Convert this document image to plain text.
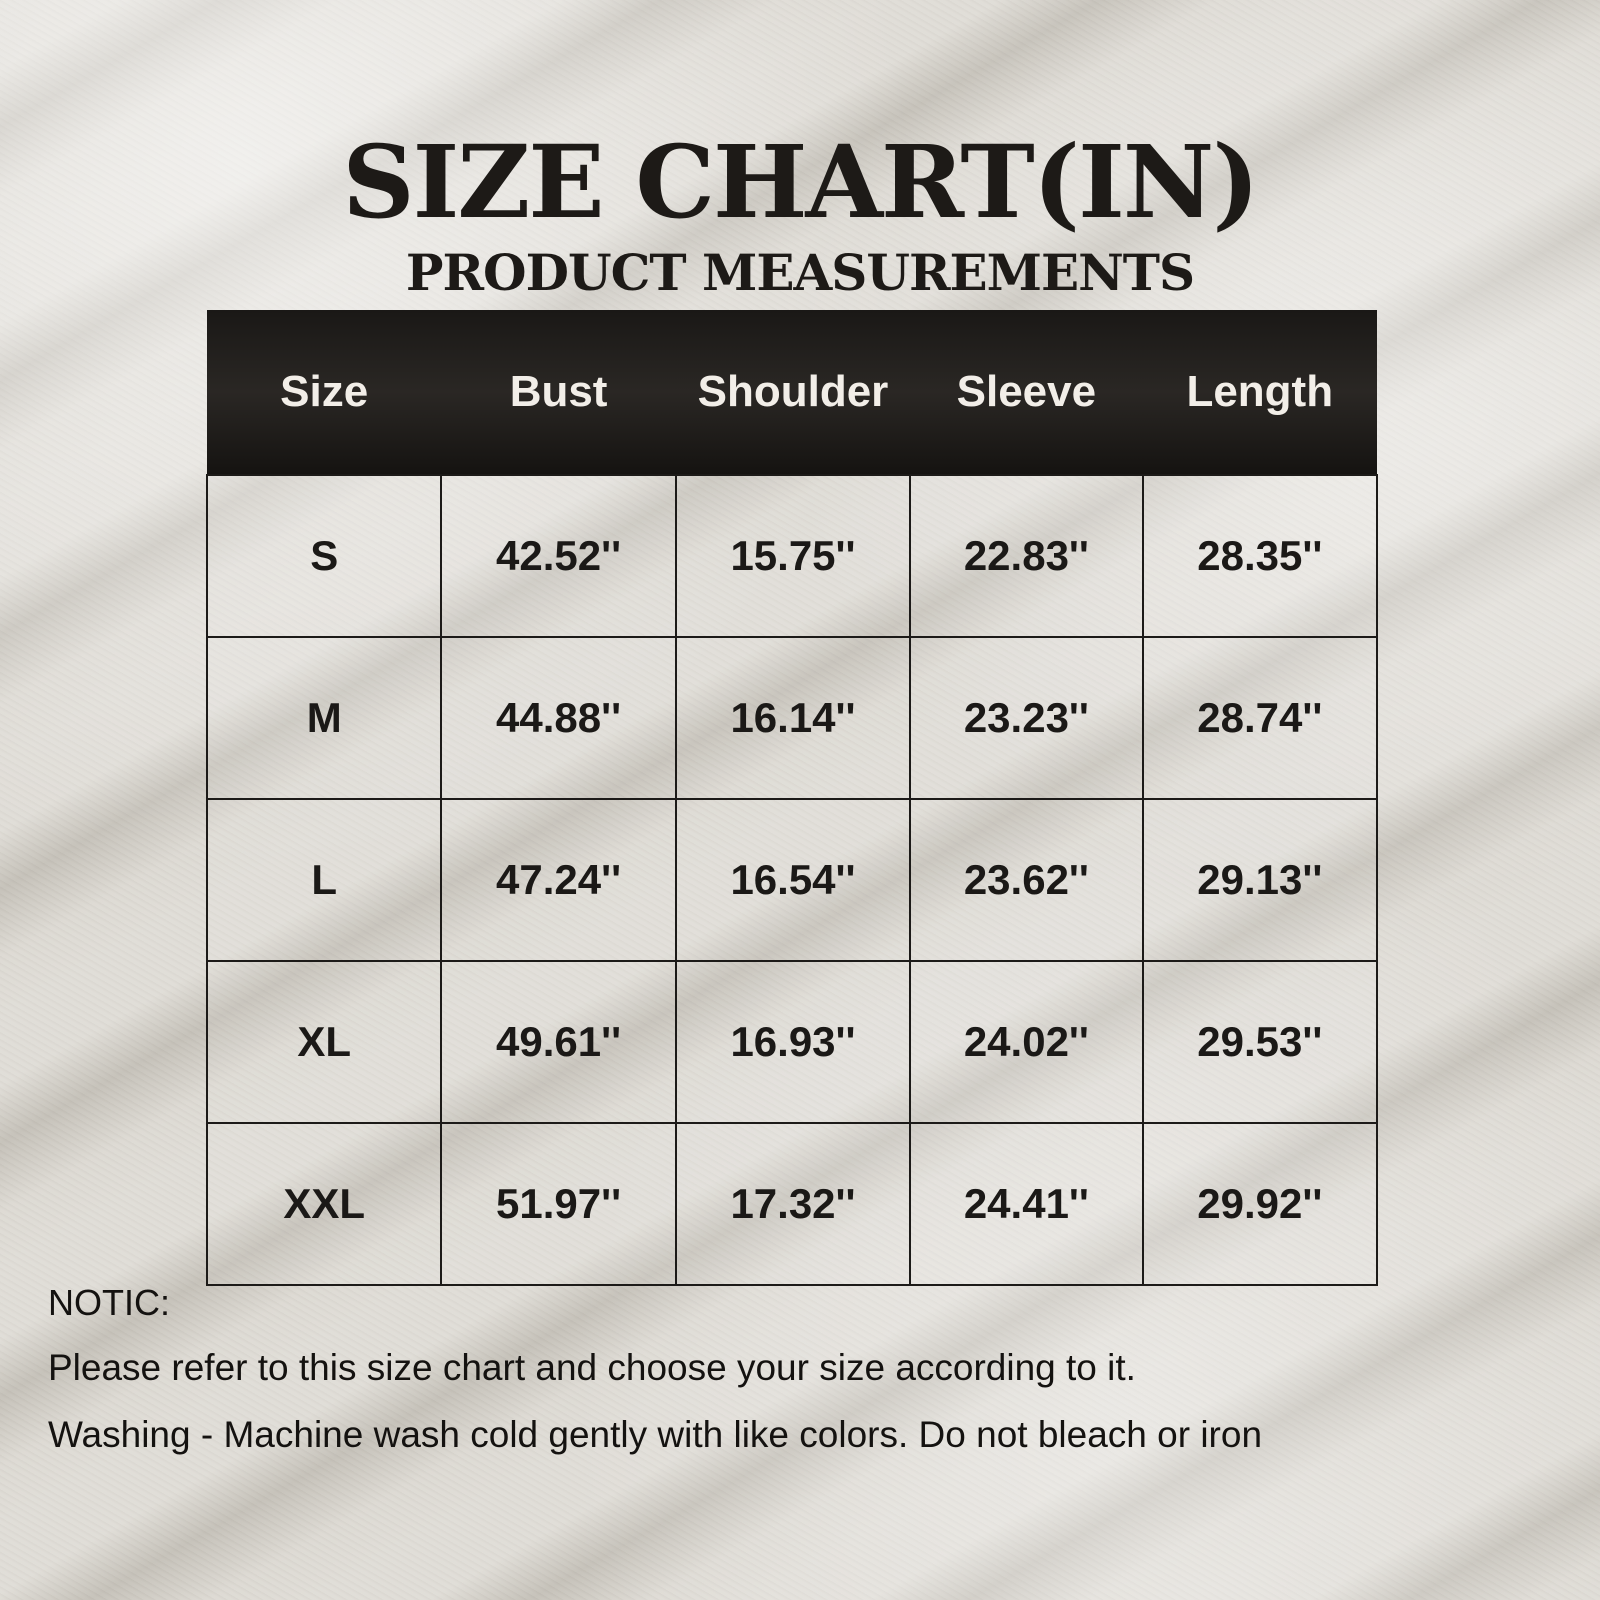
SIZE CHART(IN)
PRODUCT MEASUREMENTS
Size	Bust	Shoulder	Sleeve	Length
S	42.52''	15.75''	22.83''	28.35''
M	44.88''	16.14''	23.23''	28.74''
L	47.24''	16.54''	23.62''	29.13''
XL	49.61''	16.93''	24.02''	29.53''
XXL	51.97''	17.32''	24.41''	29.92''
NOTIC:
Please refer to this size chart and choose your size according to it.
Washing - Machine wash cold gently with like colors. Do not bleach or iron
